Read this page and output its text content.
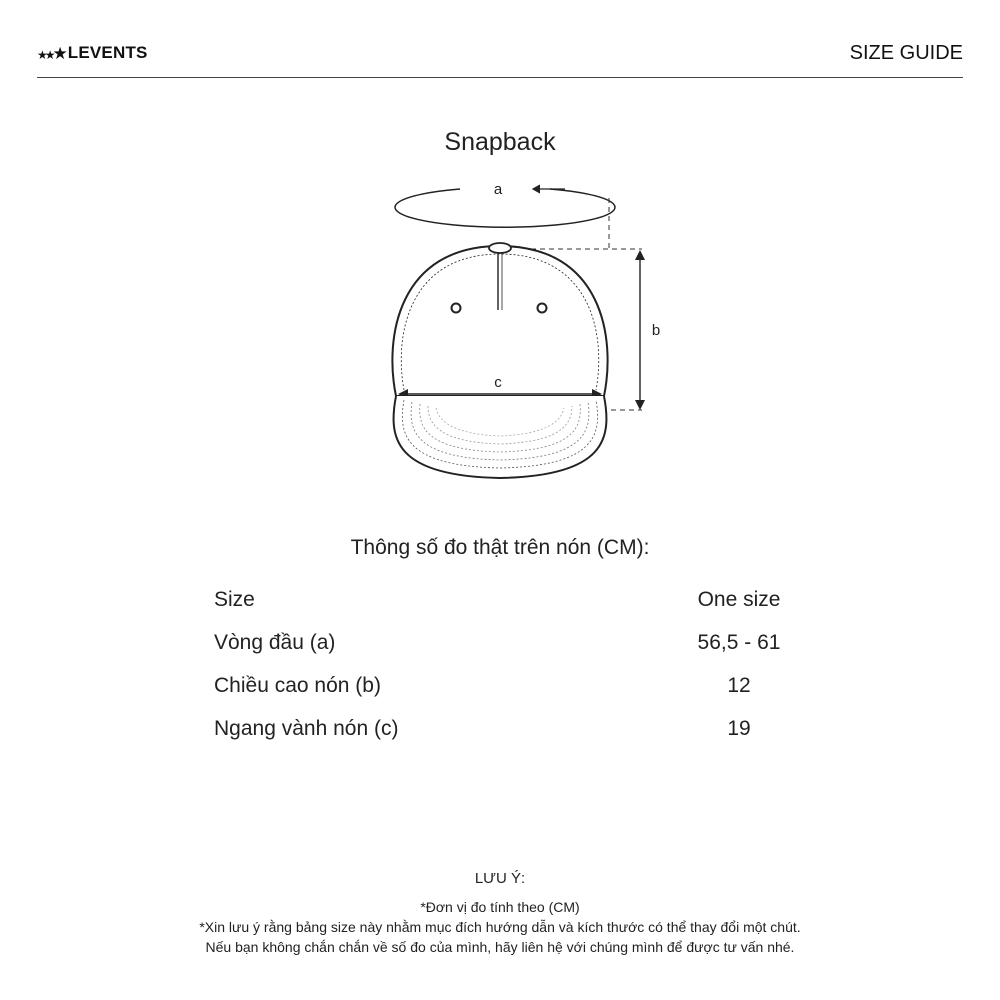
★★★ LEVENTS	SIZE GUIDE
Snapback
a
b
c
Thông số đo thật trên nón (CM):
Size	One size
Vòng đầu (a)	56,5 - 61
Chiều cao nón (b)	12
Ngang vành nón (c)	19
LƯU Ý:
*Đơn vị đo tính theo (CM)
*Xin lưu ý rằng bảng size này nhằm mục đích hướng dẫn và kích thước có thể thay đổi một chút.
Nếu bạn không chắn chắn về số đo của mình, hãy liên hệ với chúng mình để được tư vấn nhé.
